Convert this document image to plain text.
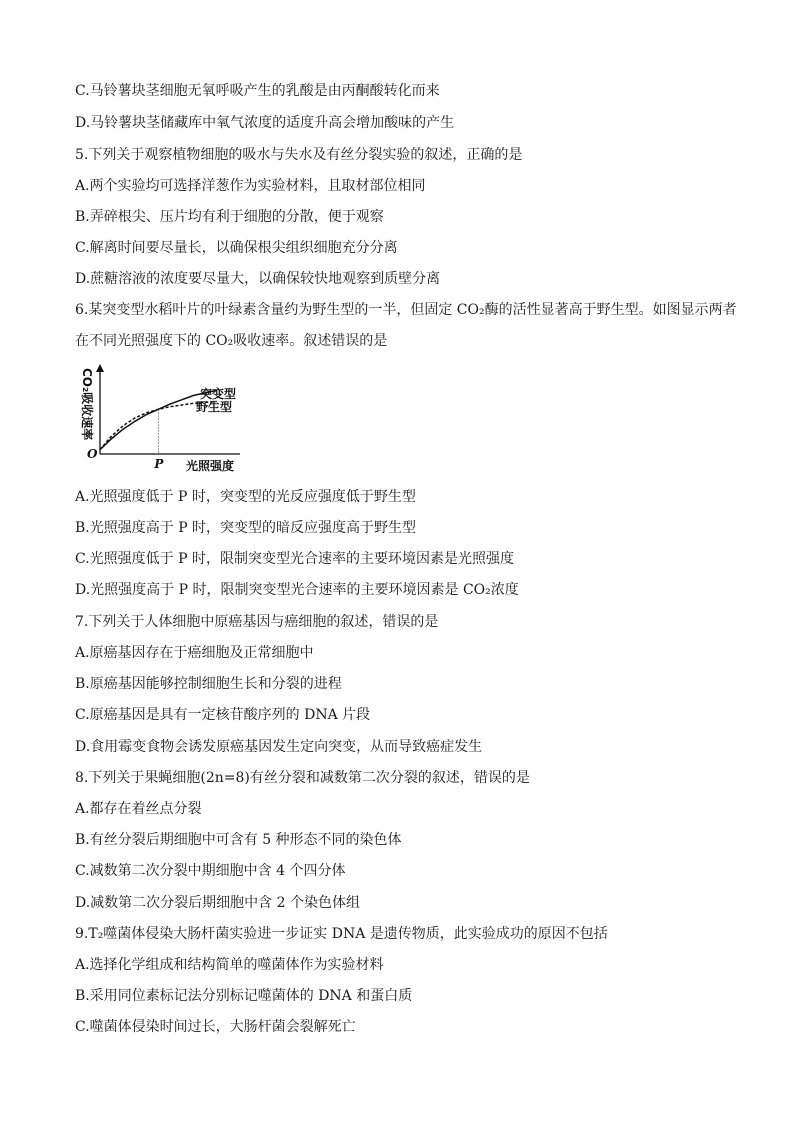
C.马铃薯块茎细胞无氧呼吸产生的乳酸是由丙酮酸转化而来
D.马铃薯块茎储藏库中氧气浓度的适度升高会增加酸味的产生
5.下列关于观察植物细胞的吸水与失水及有丝分裂实验的叙述，正确的是
A.两个实验均可选择洋葱作为实验材料，且取材部位相同
B.弄碎根尖、压片均有利于细胞的分散，便于观察
C.解离时间要尽量长，以确保根尖组织细胞充分分离
D.蔗糖溶液的浓度要尽量大，以确保较快地观察到质壁分离
6.某突变型水稻叶片的叶绿素含量约为野生型的一半，但固定 CO₂酶的活性显著高于野生型。如图显示两者
在不同光照强度下的 CO₂吸收速率。叙述错误的是
突变型
野生型
O
P 光照强度
CO₂吸收速率
A.光照强度低于 P 时，突变型的光反应强度低于野生型
B.光照强度高于 P 时，突变型的暗反应强度高于野生型
C.光照强度低于 P 时，限制突变型光合速率的主要环境因素是光照强度
D.光照强度高于 P 时，限制突变型光合速率的主要环境因素是 CO₂浓度
7.下列关于人体细胞中原癌基因与癌细胞的叙述，错误的是
A.原癌基因存在于癌细胞及正常细胞中
B.原癌基因能够控制细胞生长和分裂的进程
C.原癌基因是具有一定核苷酸序列的 DNA 片段
D.食用霉变食物会诱发原癌基因发生定向突变，从而导致癌症发生
8.下列关于果蝇细胞(2n=8)有丝分裂和减数第二次分裂的叙述，错误的是
A.都存在着丝点分裂
B.有丝分裂后期细胞中可含有 5 种形态不同的染色体
C.减数第二次分裂中期细胞中含 4 个四分体
D.减数第二次分裂后期细胞中含 2 个染色体组
9.T₂噬菌体侵染大肠杆菌实验进一步证实 DNA 是遗传物质，此实验成功的原因不包括
A.选择化学组成和结构简单的噬菌体作为实验材料
B.采用同位素标记法分别标记噬菌体的 DNA 和蛋白质
C.噬菌体侵染时间过长，大肠杆菌会裂解死亡
